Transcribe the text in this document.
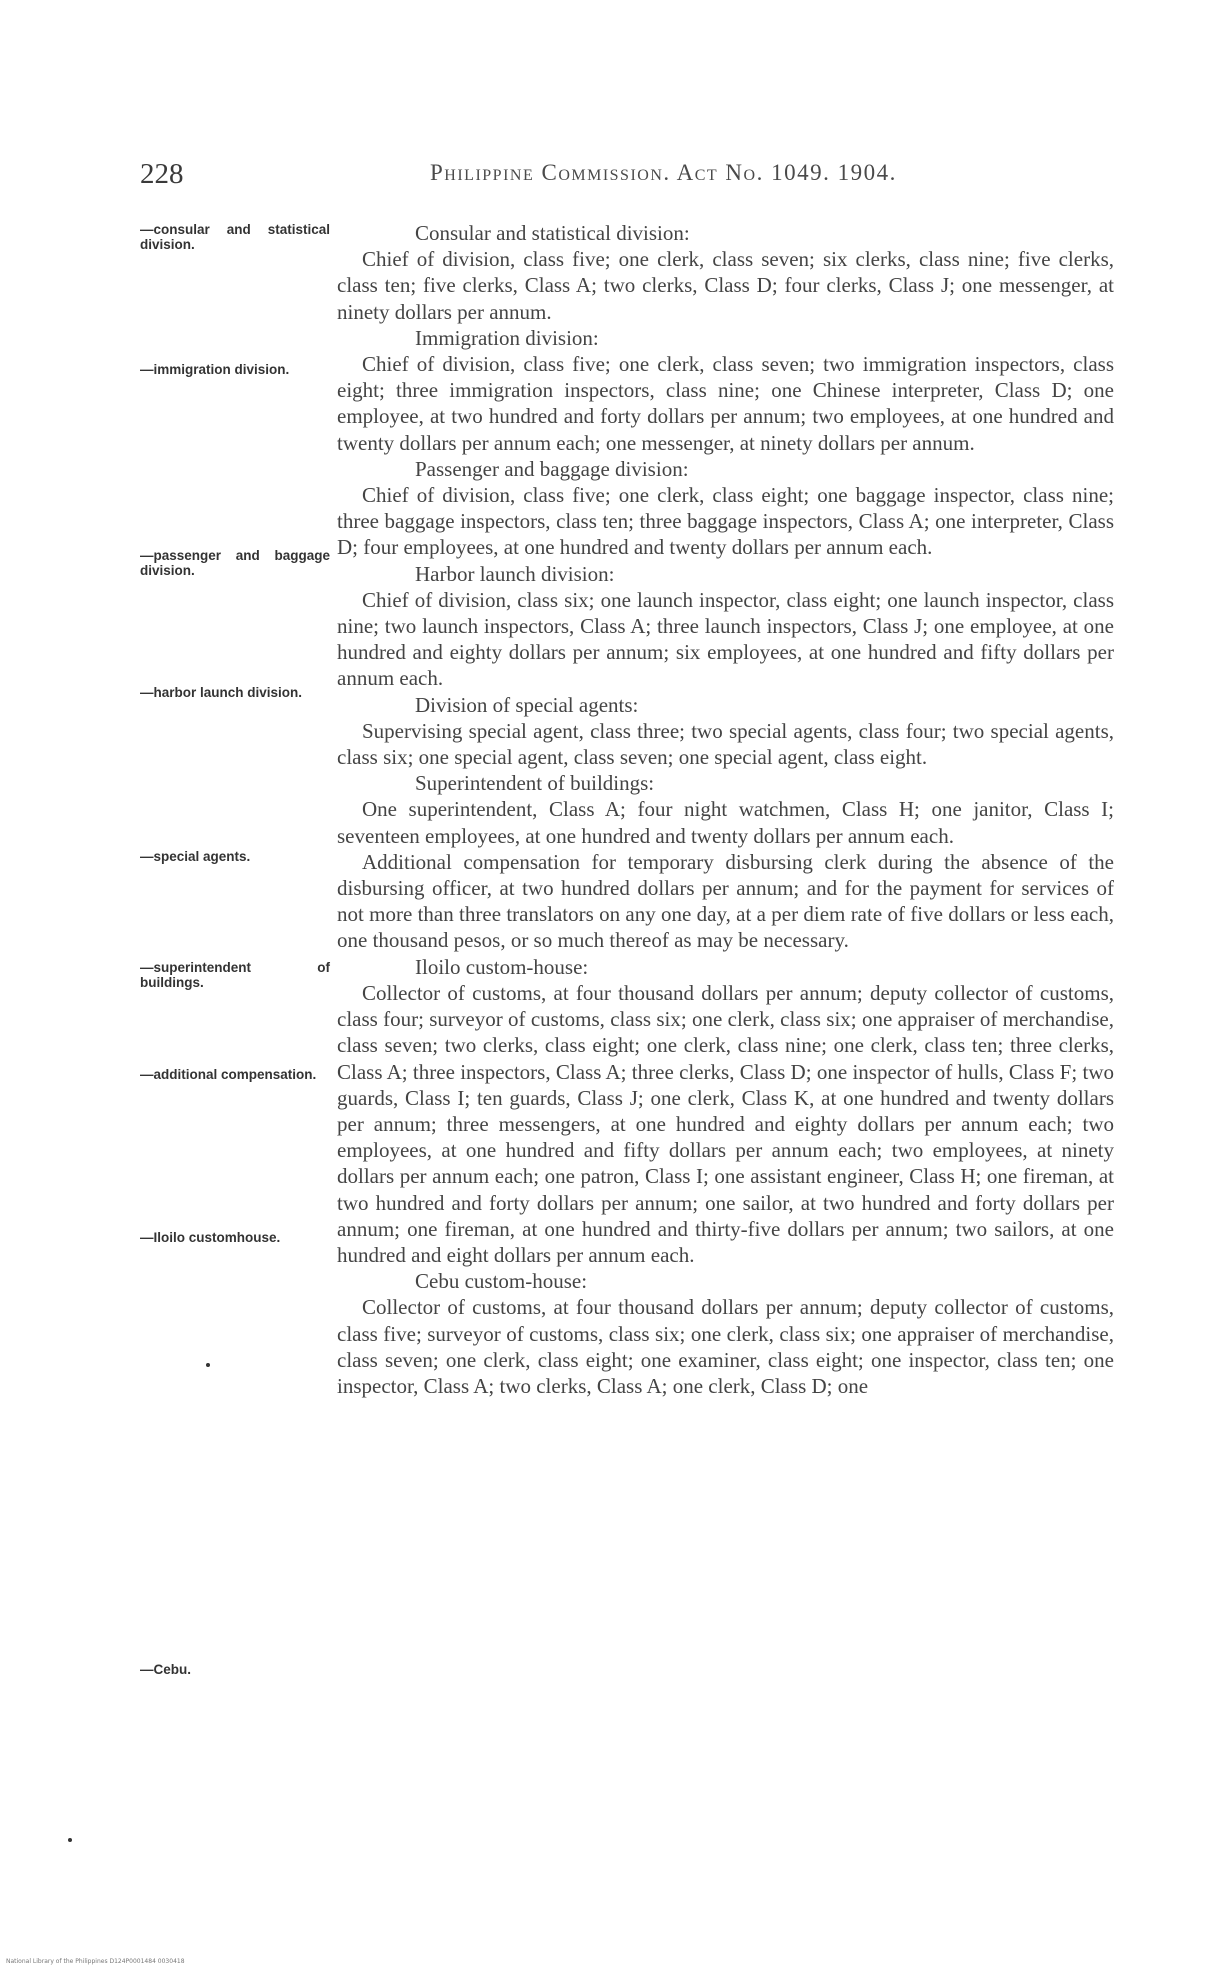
228	Philippine Commission. Act No. 1049. 1904.
—consular and statistical division.
—immigration division.
—passenger and baggage division.
—harbor launch division.
—special agents.
—superintendent of buildings.
—additional compensation.
—Iloilo customhouse.
—Cebu.

Consular and statistical division:

Chief of division, class five; one clerk, class seven; six clerks, class nine; five clerks, class ten; five clerks, Class A; two clerks, Class D; four clerks, Class J; one messenger, at ninety dollars per annum.

Immigration division:

Chief of division, class five; one clerk, class seven; two immigration inspectors, class eight; three immigration inspectors, class nine; one Chinese interpreter, Class D; one employee, at two hundred and forty dollars per annum; two employees, at one hundred and twenty dollars per annum each; one messenger, at ninety dollars per annum.

Passenger and baggage division:

Chief of division, class five; one clerk, class eight; one baggage inspector, class nine; three baggage inspectors, class ten; three baggage inspectors, Class A; one interpreter, Class D; four employees, at one hundred and twenty dollars per annum each.

Harbor launch division:

Chief of division, class six; one launch inspector, class eight; one launch inspector, class nine; two launch inspectors, Class A; three launch inspectors, Class J; one employee, at one hundred and eighty dollars per annum; six employees, at one hundred and fifty dollars per annum each.

Division of special agents:

Supervising special agent, class three; two special agents, class four; two special agents, class six; one special agent, class seven; one special agent, class eight.

Superintendent of buildings:

One superintendent, Class A; four night watchmen, Class H; one janitor, Class I; seventeen employees, at one hundred and twenty dollars per annum each.

Additional compensation for temporary disbursing clerk during the absence of the disbursing officer, at two hundred dollars per annum; and for the payment for services of not more than three translators on any one day, at a per diem rate of five dollars or less each, one thousand pesos, or so much thereof as may be necessary.

Iloilo custom-house:

Collector of customs, at four thousand dollars per annum; deputy collector of customs, class four; surveyor of customs, class six; one clerk, class six; one appraiser of merchandise, class seven; two clerks, class eight; one clerk, class nine; one clerk, class ten; three clerks, Class A; three inspectors, Class A; three clerks, Class D; one inspector of hulls, Class F; two guards, Class I; ten guards, Class J; one clerk, Class K, at one hundred and twenty dollars per annum; three messengers, at one hundred and eighty dollars per annum each; two employees, at one hundred and fifty dollars per annum each; two employees, at ninety dollars per annum each; one patron, Class I; one assistant engineer, Class H; one fireman, at two hundred and forty dollars per annum; one sailor, at two hundred and forty dollars per annum; one fireman, at one hundred and thirty-five dollars per annum; two sailors, at one hundred and eight dollars per annum each.

Cebu custom-house:

Collector of customs, at four thousand dollars per annum; deputy collector of customs, class five; surveyor of customs, class six; one clerk, class six; one appraiser of merchandise, class seven; one clerk, class eight; one examiner, class eight; one inspector, class ten; one inspector, Class A; two clerks, Class A; one clerk, Class D; one

National Library of the Philippines D124P0001484 0030418
